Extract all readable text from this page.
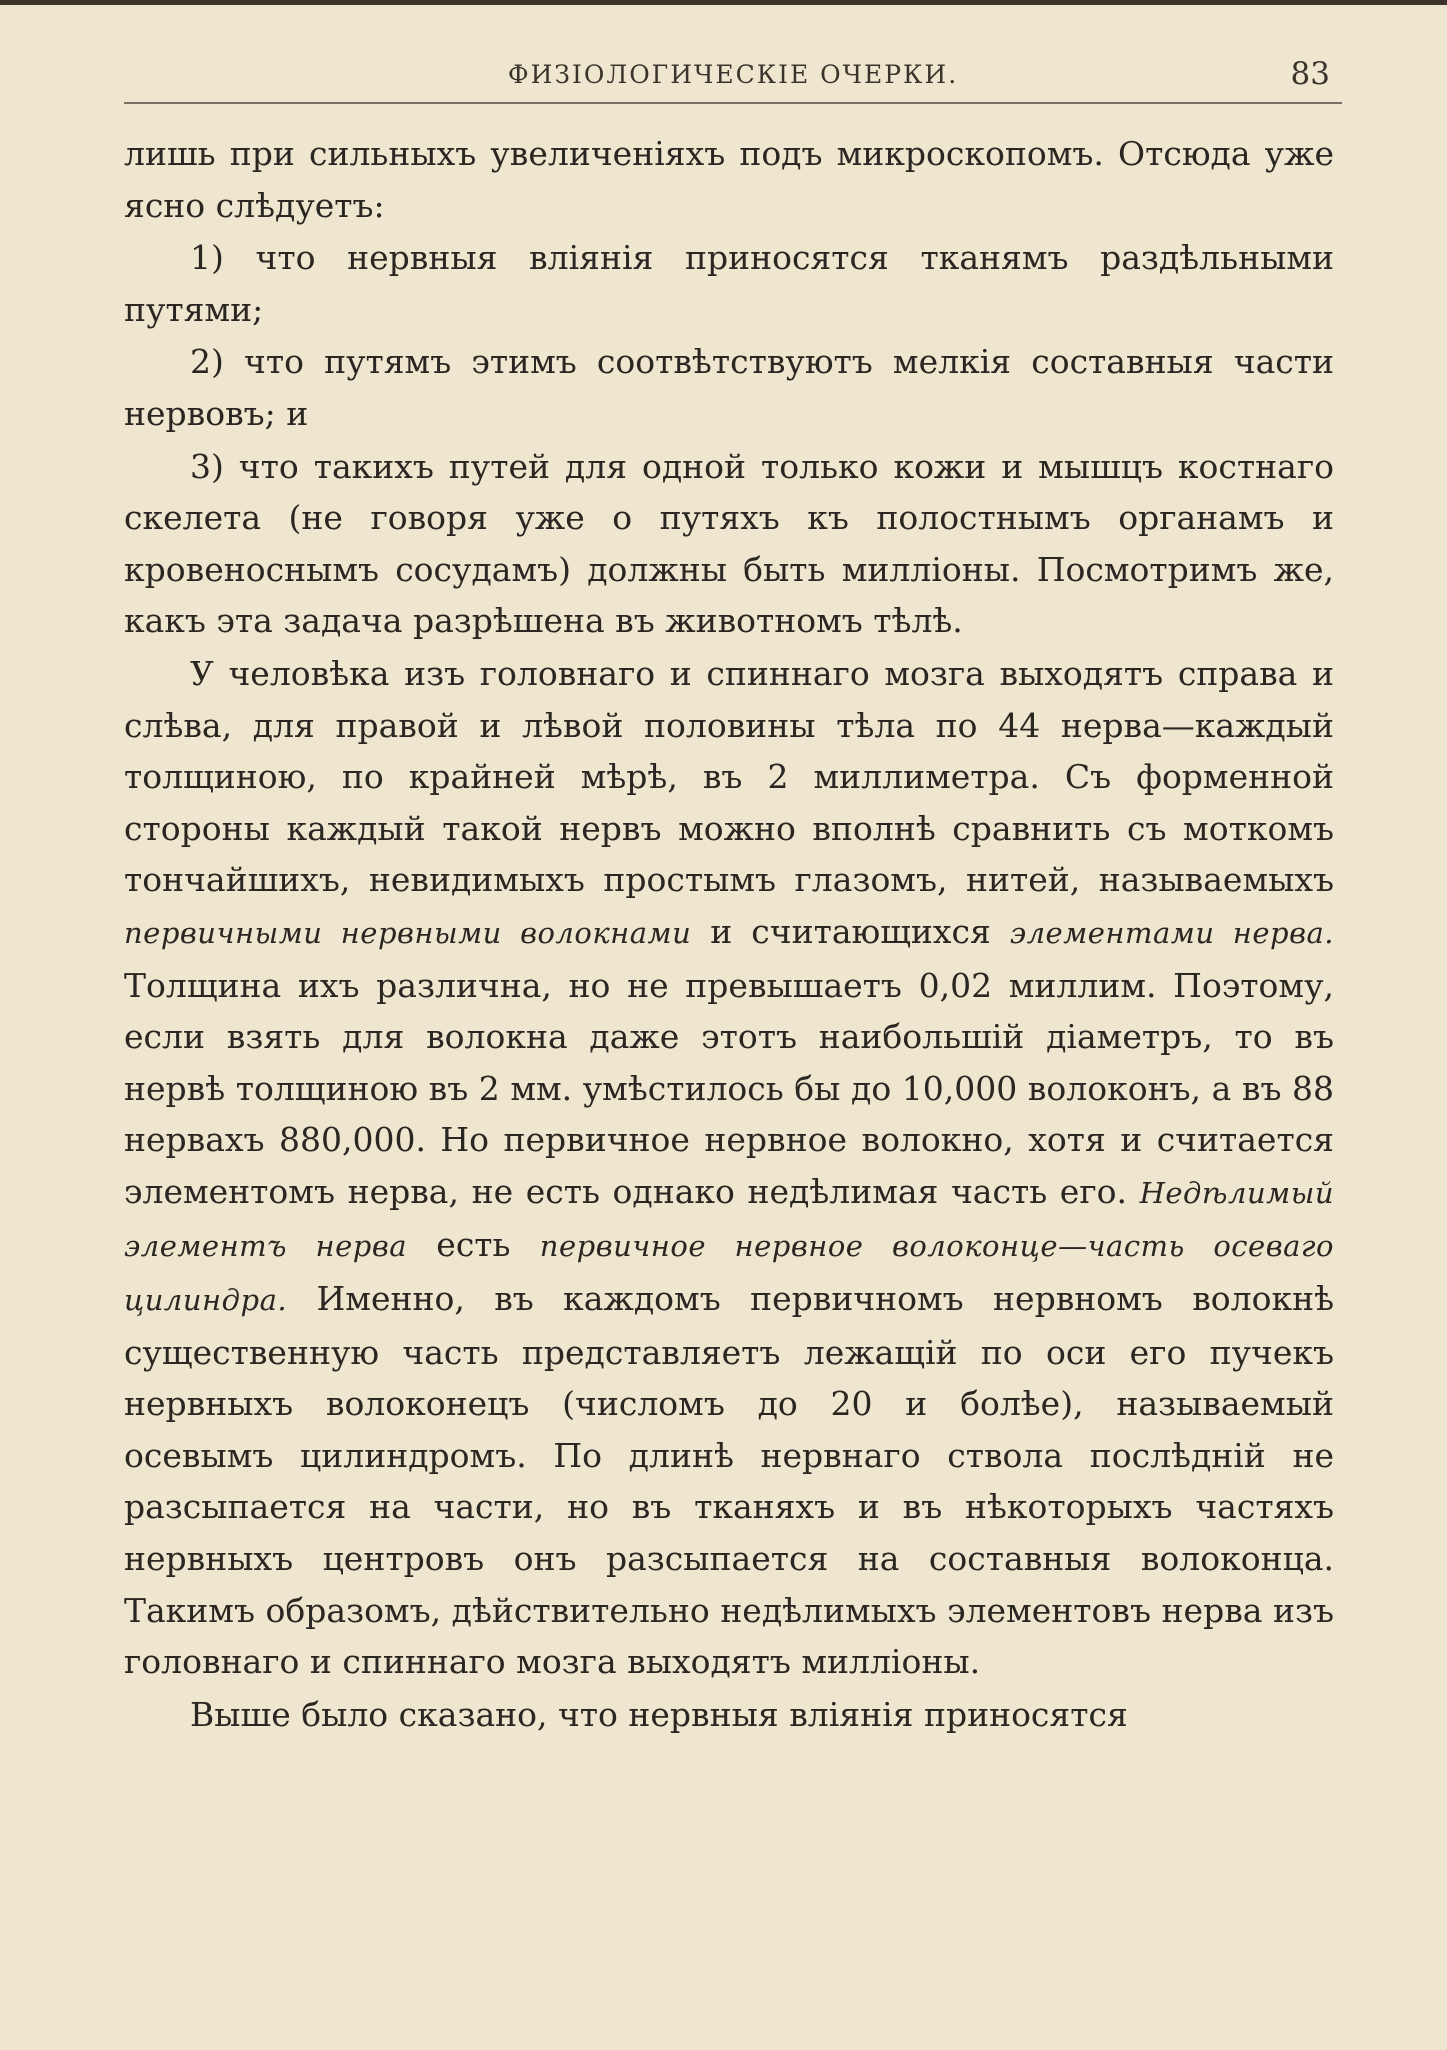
ФИЗІОЛОГИЧЕСКІЕ ОЧЕРКИ.	83

лишь при сильныхъ увеличеніяхъ подъ микроскопомъ. Отсюда уже ясно слѣдуетъ:

1) что нервныя вліянія приносятся тканямъ раздѣльными путями;

2) что путямъ этимъ соотвѣтствуютъ мелкія составныя части нервовъ; и

3) что такихъ путей для одной только кожи и мышцъ костнаго скелета (не говоря уже о путяхъ къ полостнымъ органамъ и кровеноснымъ сосудамъ) должны быть милліоны. Посмотримъ же, какъ эта задача разрѣшена въ животномъ тѣлѣ.

У человѣка изъ головнаго и спиннаго мозга выходятъ справа и слѣва, для правой и лѣвой половины тѣла по 44 нерва—каждый толщиною, по крайней мѣрѣ, въ 2 миллиметра. Съ форменной стороны каждый такой нервъ можно вполнѣ сравнить съ моткомъ тончайшихъ, невидимыхъ простымъ глазомъ, нитей, называемыхъ первичными нервными волокнами и считающихся элементами нерва. Толщина ихъ различна, но не превышаетъ 0,02 миллим. Поэтому, если взять для волокна даже этотъ наибольшій діаметръ, то въ нервѣ толщиною въ 2 мм. умѣстилось бы до 10,000 волоконъ, а въ 88 нервахъ 880,000. Но первичное нервное волокно, хотя и считается элементомъ нерва, не есть однако недѣлимая часть его. Недѣлимый элементъ нерва есть первичное нервное волоконце—часть осеваго цилиндра. Именно, въ каждомъ первичномъ нервномъ волокнѣ существенную часть представляетъ лежащій по оси его пучекъ нервныхъ волоконецъ (числомъ до 20 и болѣе), называемый осевымъ цилиндромъ. По длинѣ нервнаго ствола послѣдній не разсыпается на части, но въ тканяхъ и въ нѣкоторыхъ частяхъ нервныхъ центровъ онъ разсыпается на составныя волоконца. Такимъ образомъ, дѣйствительно недѣлимыхъ элементовъ нерва изъ головнаго и спиннаго мозга выходятъ милліоны.

Выше было сказано, что нервныя вліянія приносятся
